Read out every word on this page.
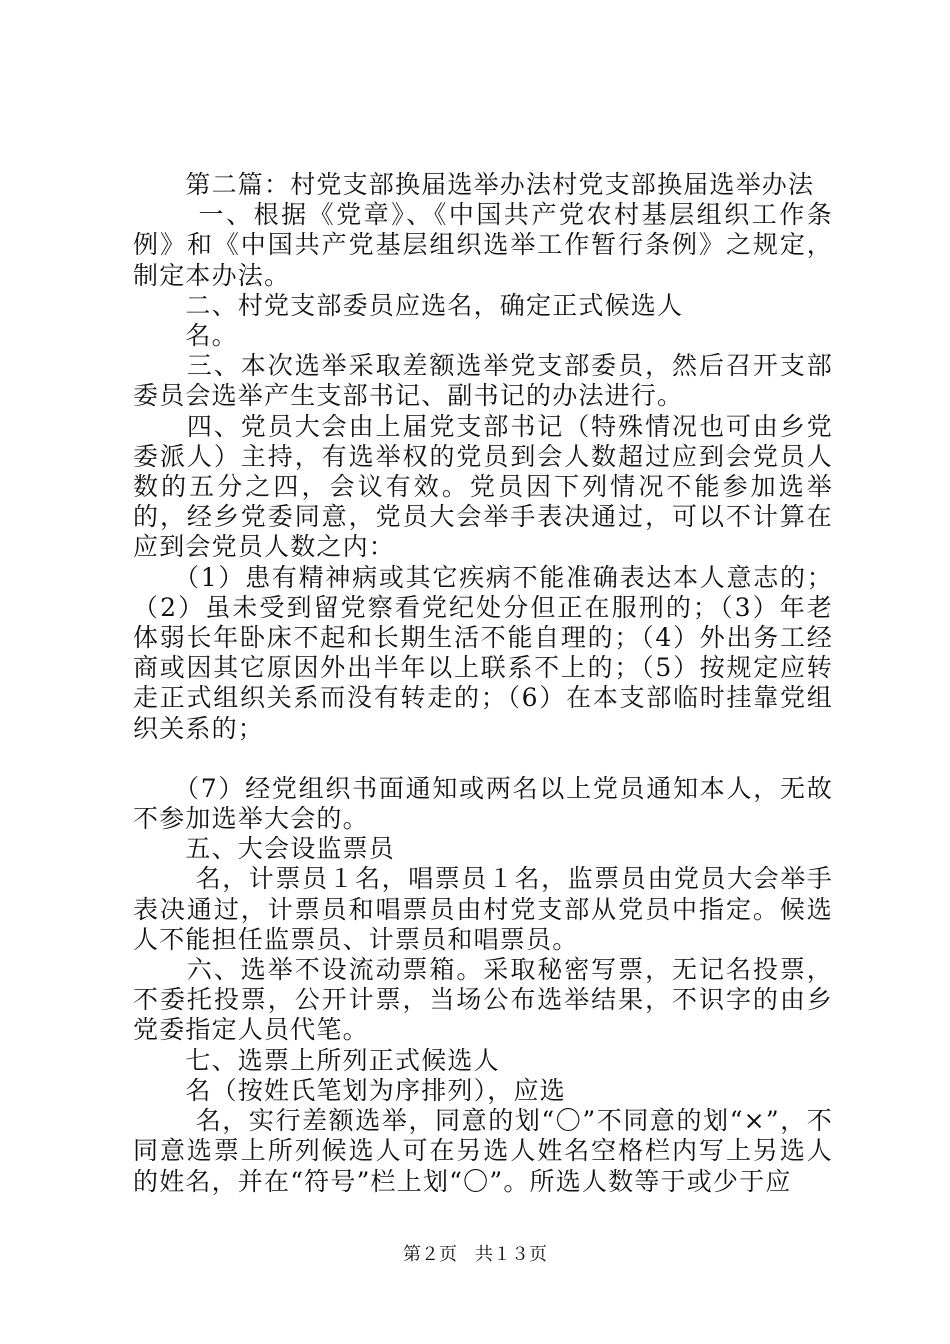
　　第二篇：村党支部换届选举办法村党支部换届选举办法

　　 一、根据《党章》、《中国共产党农村基层组织工作条例》和《中国共产党基层组织选举工作暂行条例》之规定，制定本办法。

　　二、村党支部委员应选名，确定正式候选人

　　名。

　　三、本次选举采取差额选举党支部委员，然后召开支部委员会选举产生支部书记、副书记的办法进行。

　　四、党员大会由上届党支部书记（特殊情况也可由乡党委派人）主持，有选举权的党员到会人数超过应到会党员人数的五分之四，会议有效。党员因下列情况不能参加选举的，经乡党委同意，党员大会举手表决通过，可以不计算在应到会党员人数之内：

　　（1）患有精神病或其它疾病不能准确表达本人意志的；（2）虽未受到留党察看党纪处分但正在服刑的；（3）年老体弱长年卧床不起和长期生活不能自理的；（4）外出务工经商或因其它原因外出半年以上联系不上的；（5）按规定应转走正式组织关系而没有转走的；（6）在本支部临时挂靠党组织关系的；

　　（7）经党组织书面通知或两名以上党员通知本人，无故不参加选举大会的。

　　五、大会设监票员

　　 名，计票员１名，唱票员１名，监票员由党员大会举手表决通过，计票员和唱票员由村党支部从党员中指定。候选人不能担任监票员、计票员和唱票员。

　　六、选举不设流动票箱。采取秘密写票，无记名投票，不委托投票，公开计票，当场公布选举结果，不识字的由乡党委指定人员代笔。

　　七、选票上所列正式候选人

　　名（按姓氏笔划为序排列），应选

　　 名，实行差额选举，同意的划“〇”不同意的划“×”，不同意选票上所列候选人可在另选人姓名空格栏内写上另选人的姓名，并在“符号”栏上划“〇”。所选人数等于或少于应

第２页　共１３页
